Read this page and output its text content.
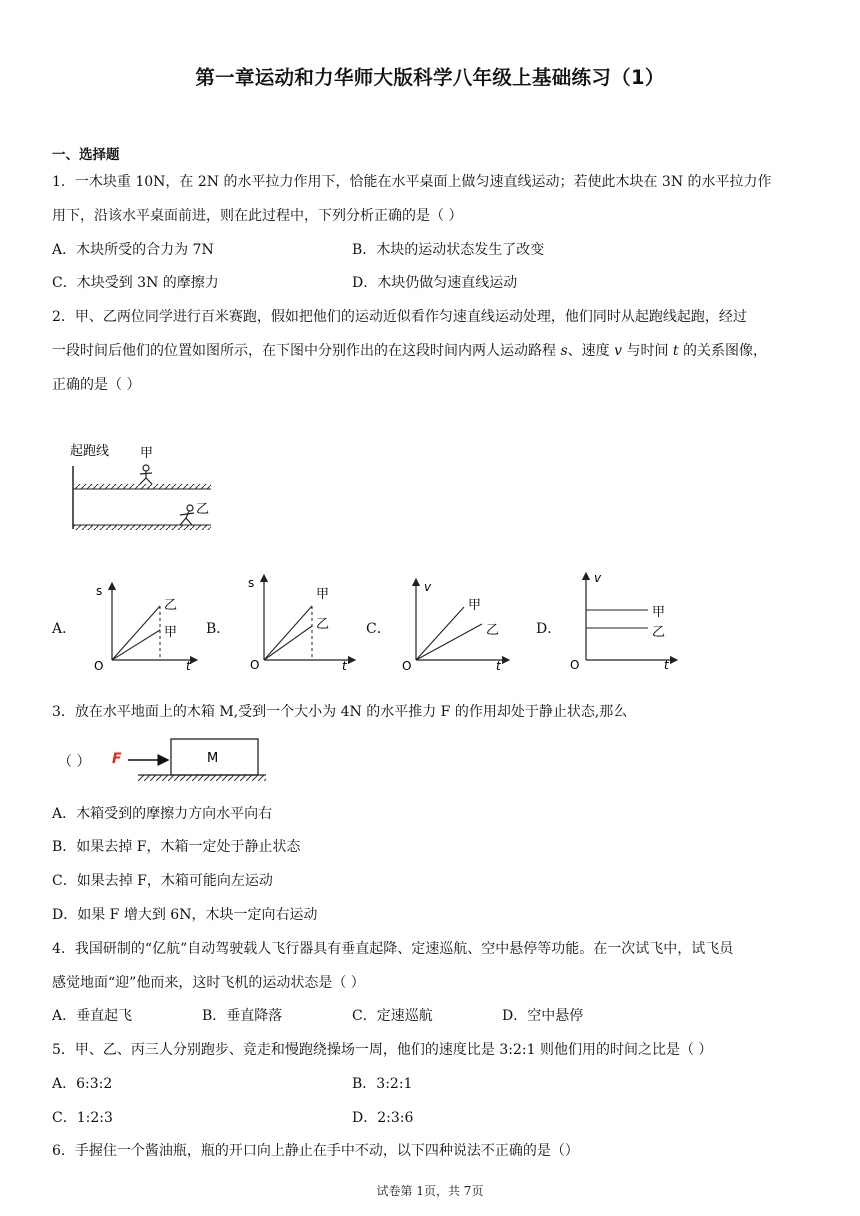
第一章运动和力华师大版科学八年级上基础练习（1）
一、选择题
1．一木块重 10N，在 2N 的水平拉力作用下，恰能在水平桌面上做匀速直线运动；若使此木块在 3N 的水平拉力作
用下，沿该水平桌面前进，则在此过程中，下列分析正确的是（ ）
A．木块所受的合力为 7N	B．木块的运动状态发生了改变
C．木块受到 3N 的摩擦力	D．木块仍做匀速直线运动
2．甲、乙两位同学进行百米赛跑，假如把他们的运动近似看作匀速直线运动处理，他们同时从起跑线起跑，经过
一段时间后他们的位置如图所示，在下图中分别作出的在这段时间内两人运动路程 s、速度 v 与时间 t 的关系图像，
正确的是（ ）
起跑线 甲
乙
A．	B．	C．	D．
s
O	t
乙
甲
s
O	t
甲
乙
v
O	t
甲
乙
v
O	t
甲
乙
3．放在水平地面上的木箱 M,受到一个大小为 4N 的水平推力 F 的作用却处于静止状态,那么
（ ） F	M
A．木箱受到的摩擦力方向水平向右
B．如果去掉 F，木箱一定处于静止状态
C．如果去掉 F，木箱可能向左运动
D．如果 F 增大到 6N，木块一定向右运动
4．我国研制的“亿航”自动驾驶载人飞行器具有垂直起降、定速巡航、空中悬停等功能。在一次试飞中，试飞员
感觉地面“迎”他而来，这时飞机的运动状态是（ ）
A．垂直起飞	B．垂直降落	C．定速巡航	D．空中悬停
5．甲、乙、丙三人分别跑步、竞走和慢跑绕操场一周，他们的速度比是 3:2:1 则他们用的时间之比是（ ）
A．6:3:2	B．3:2:1
C．1:2:3	D．2:3:6
6．手握住一个酱油瓶，瓶的开口向上静止在手中不动，以下四种说法不正确的是（）
试卷第 1页，共 7页
